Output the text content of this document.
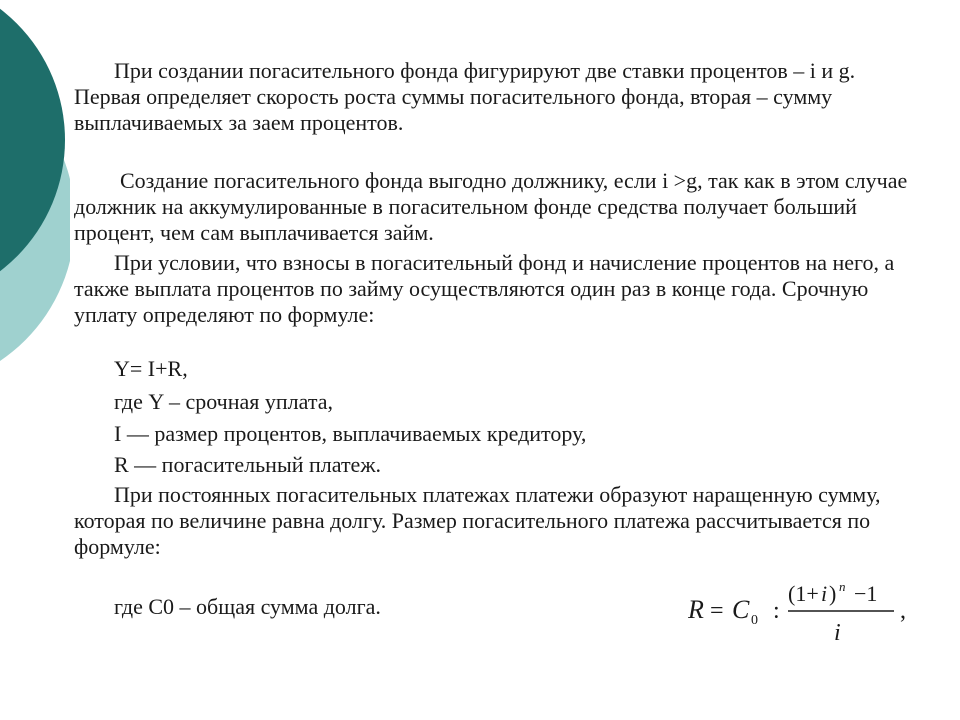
При создании погасительного фонда фигурируют две ставки процентов – i и g. Первая определяет скорость роста суммы погасительного фонда, вторая – сумму выплачиваемых за заем процентов.

Создание погасительного фонда выгодно должнику, если i >g, так как в этом случае должник на аккумулированные в погасительном фонде средства получает больший процент, чем сам выплачивается займ.

При условии, что взносы в погасительный фонд и начисление процентов на него, а также выплата процентов по займу осуществляются один раз в конце года. Срочную уплату определяют по формуле:

Y= I+R,

где Y – срочная уплата,

I — размер процентов, выплачиваемых кредитору,

R — погасительный платеж.

При постоянных погасительных платежах платежи образуют наращенную сумму, которая по величине равна долгу. Размер погасительного платежа рассчитывается по формуле:

где С0 – общая сумма долга.	R = C 0 :
(1+ i ) n −1
i
,
